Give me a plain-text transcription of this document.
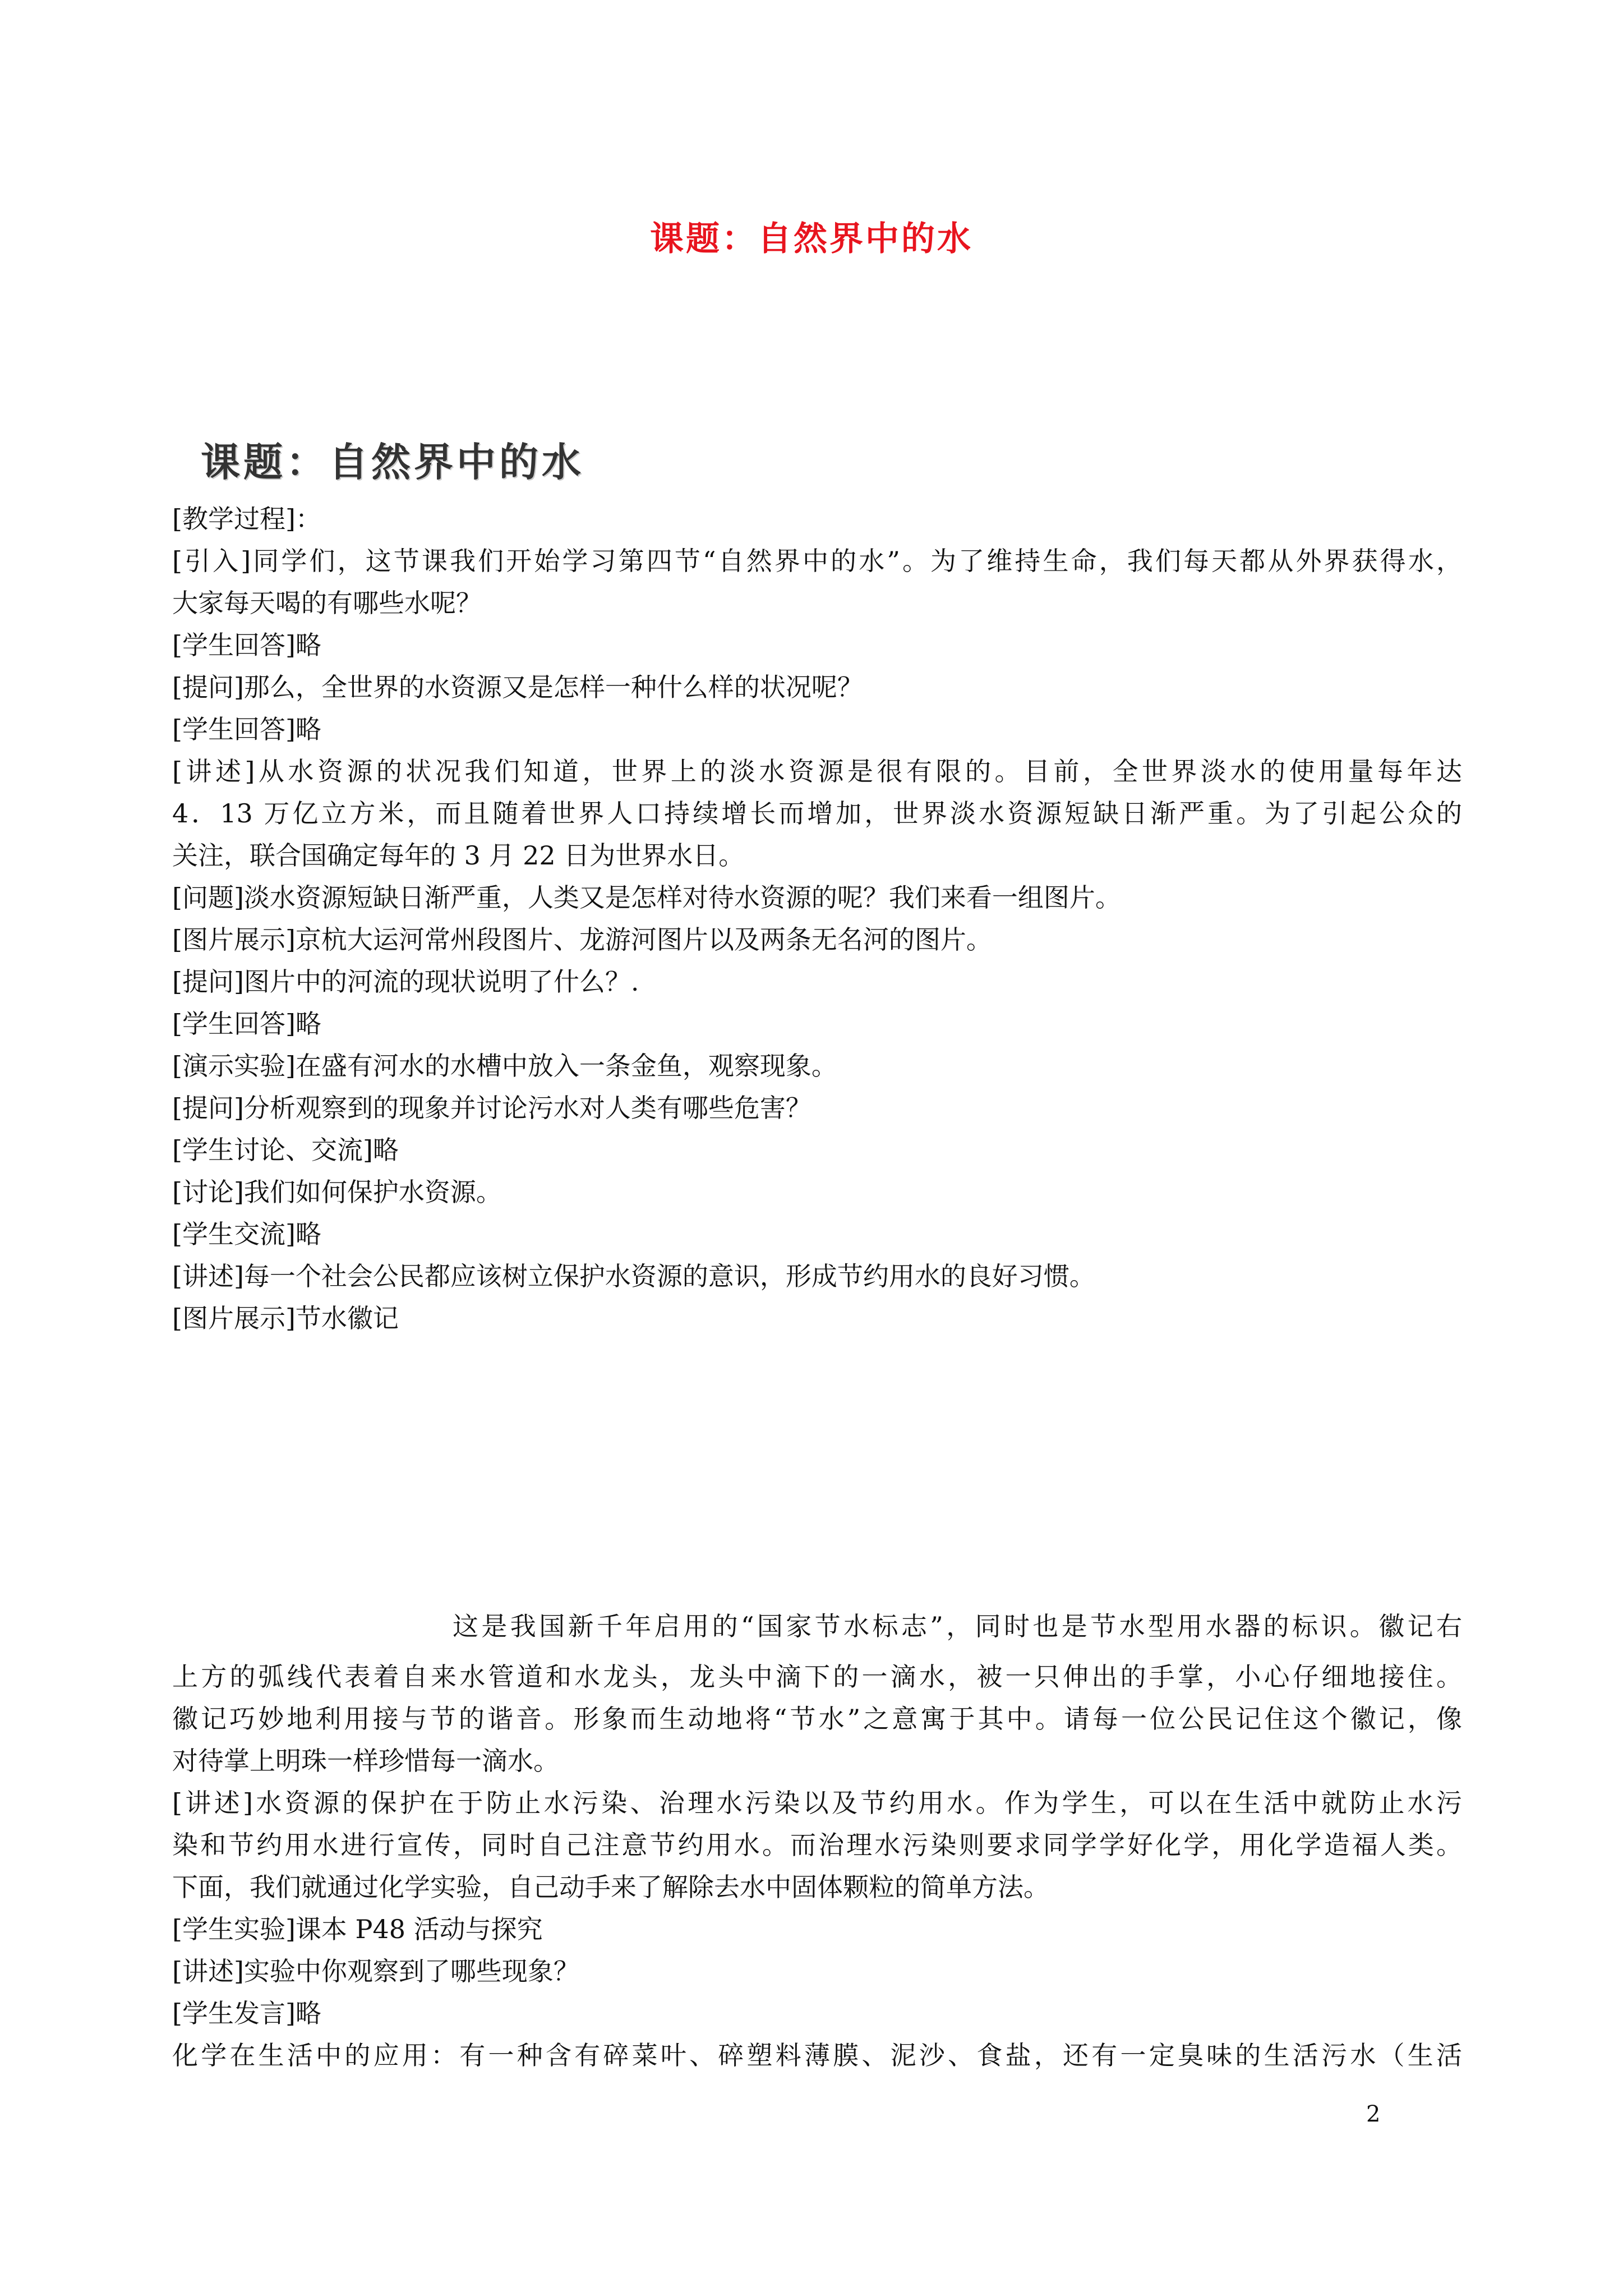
课题：自然界中的水
课题：自然界中的水
[教学过程]：
[引入]同学们，这节课我们开始学习第四节“自然界中的水”。为了维持生命，我们每天都从外界获得水，
大家每天喝的有哪些水呢？
[学生回答]略
[提问]那么，全世界的水资源又是怎样一种什么样的状况呢？
[学生回答]略
[讲述]从水资源的状况我们知道，世界上的淡水资源是很有限的。目前，全世界淡水的使用量每年达
4．13 万亿立方米，而且随着世界人口持续增长而增加，世界淡水资源短缺日渐严重。为了引起公众的
关注，联合国确定每年的 3 月 22 日为世界水日。
[问题]淡水资源短缺日渐严重，人类又是怎样对待水资源的呢？我们来看一组图片。
[图片展示]京杭大运河常州段图片、龙游河图片以及两条无名河的图片。
[提问]图片中的河流的现状说明了什么？.
[学生回答]略
[演示实验]在盛有河水的水槽中放入一条金鱼，观察现象。
[提问]分析观察到的现象并讨论污水对人类有哪些危害？
[学生讨论、交流]略
[讨论]我们如何保护水资源。
[学生交流]略
[讲述]每一个社会公民都应该树立保护水资源的意识，形成节约用水的良好习惯。
[图片展示]节水徽记
这是我国新千年启用的“国家节水标志”，同时也是节水型用水器的标识。徽记右
上方的弧线代表着自来水管道和水龙头，龙头中滴下的一滴水，被一只伸出的手掌，小心仔细地接住。
徽记巧妙地利用接与节的谐音。形象而生动地将“节水”之意寓于其中。请每一位公民记住这个徽记，像
对待掌上明珠一样珍惜每一滴水。
[讲述]水资源的保护在于防止水污染、治理水污染以及节约用水。作为学生，可以在生活中就防止水污
染和节约用水进行宣传，同时自己注意节约用水。而治理水污染则要求同学学好化学，用化学造福人类。
下面，我们就通过化学实验，自己动手来了解除去水中固体颗粒的简单方法。
[学生实验]课本 P48 活动与探究
[讲述]实验中你观察到了哪些现象？
[学生发言]略
化学在生活中的应用：有一种含有碎菜叶、碎塑料薄膜、泥沙、食盐，还有一定臭味的生活污水（生活
2
